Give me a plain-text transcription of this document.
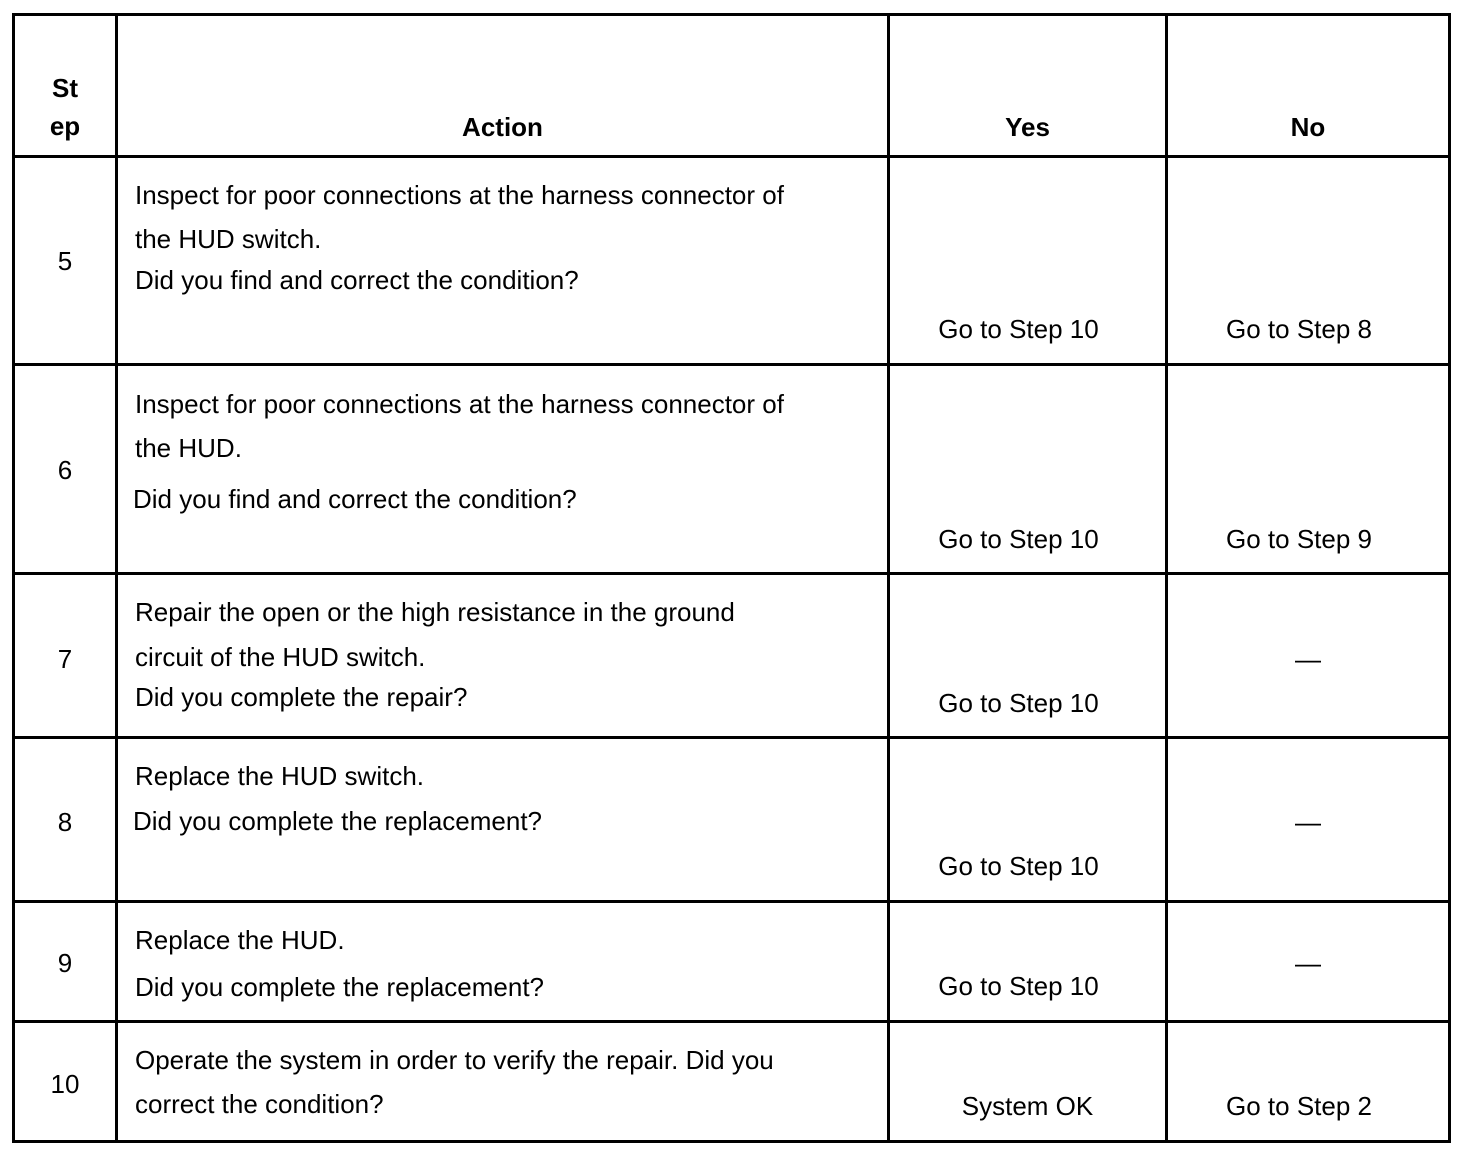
St
ep	Action	Yes	No

5	Inspect for poor connections at the harness connector of
the HUD switch.
Did you find and correct the condition?	Go to Step 10	Go to Step 8

6	Inspect for poor connections at the harness connector of
the HUD.
Did you find and correct the condition?	Go to Step 10	Go to Step 9

7	Repair the open or the high resistance in the ground
circuit of the HUD switch.
Did you complete the repair?	Go to Step 10	—

8	Replace the HUD switch.
Did you complete the replacement?	Go to Step 10	—

9	Replace the HUD.
Did you complete the replacement?	Go to Step 10	—

10	Operate the system in order to verify the repair. Did you
correct the condition?	System OK	Go to Step 2
